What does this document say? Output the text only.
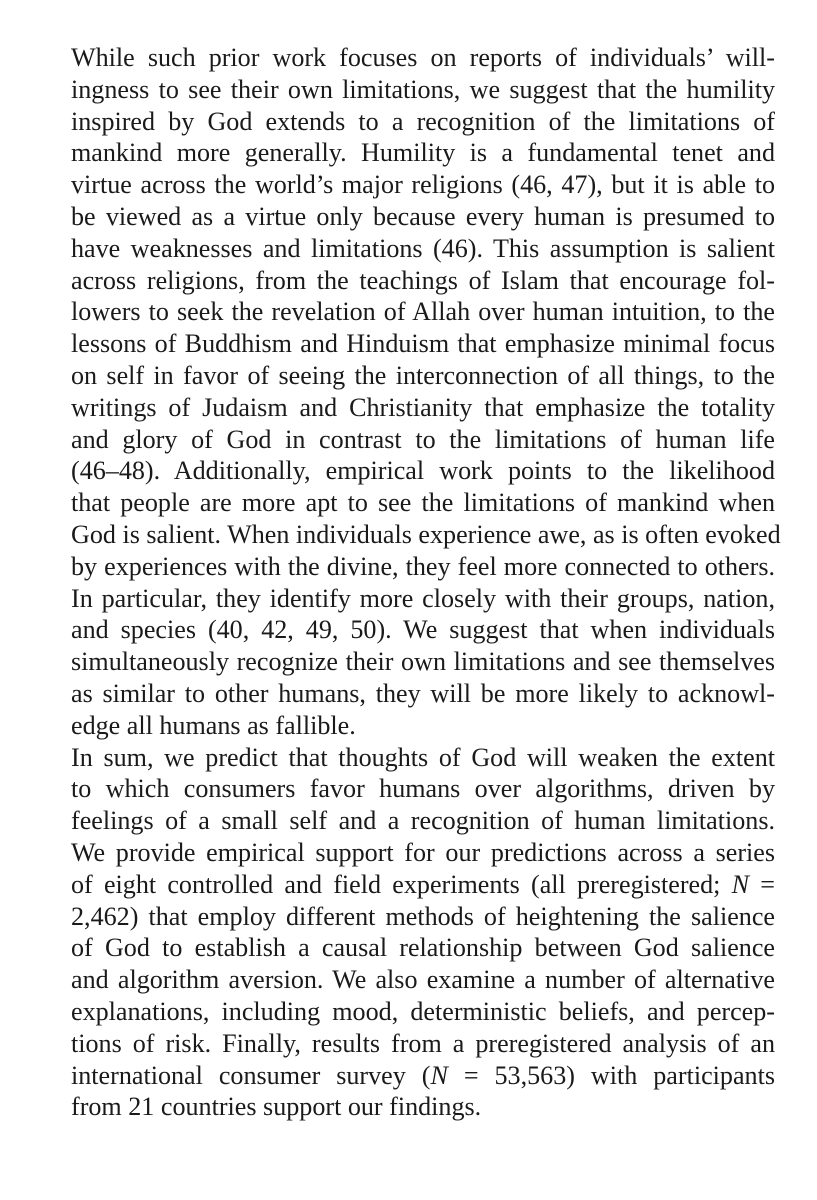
While such prior work focuses on reports of individuals’ will-
ingness to see their own limitations, we suggest that the humility
inspired by God extends to a recognition of the limitations of
mankind more generally. Humility is a fundamental tenet and
virtue across the world’s major religions (46, 47), but it is able to
be viewed as a virtue only because every human is presumed to
have weaknesses and limitations (46). This assumption is salient
across religions, from the teachings of Islam that encourage fol-
lowers to seek the revelation of Allah over human intuition, to the
lessons of Buddhism and Hinduism that emphasize minimal focus
on self in favor of seeing the interconnection of all things, to the
writings of Judaism and Christianity that emphasize the totality
and glory of God in contrast to the limitations of human life
(46–48). Additionally, empirical work points to the likelihood
that people are more apt to see the limitations of mankind when
God is salient. When individuals experience awe, as is often evoked
by experiences with the divine, they feel more connected to others.
In particular, they identify more closely with their groups, nation,
and species (40, 42, 49, 50). We suggest that when individuals
simultaneously recognize their own limitations and see themselves
as similar to other humans, they will be more likely to acknowl-
edge all humans as fallible.
In sum, we predict that thoughts of God will weaken the extent
to which consumers favor humans over algorithms, driven by
feelings of a small self and a recognition of human limitations.
We provide empirical support for our predictions across a series
of eight controlled and field experiments (all preregistered; N =
2,462) that employ different methods of heightening the salience
of God to establish a causal relationship between God salience
and algorithm aversion. We also examine a number of alternative
explanations, including mood, deterministic beliefs, and percep-
tions of risk. Finally, results from a preregistered analysis of an
international consumer survey (N = 53,563) with participants
from 21 countries support our findings.
